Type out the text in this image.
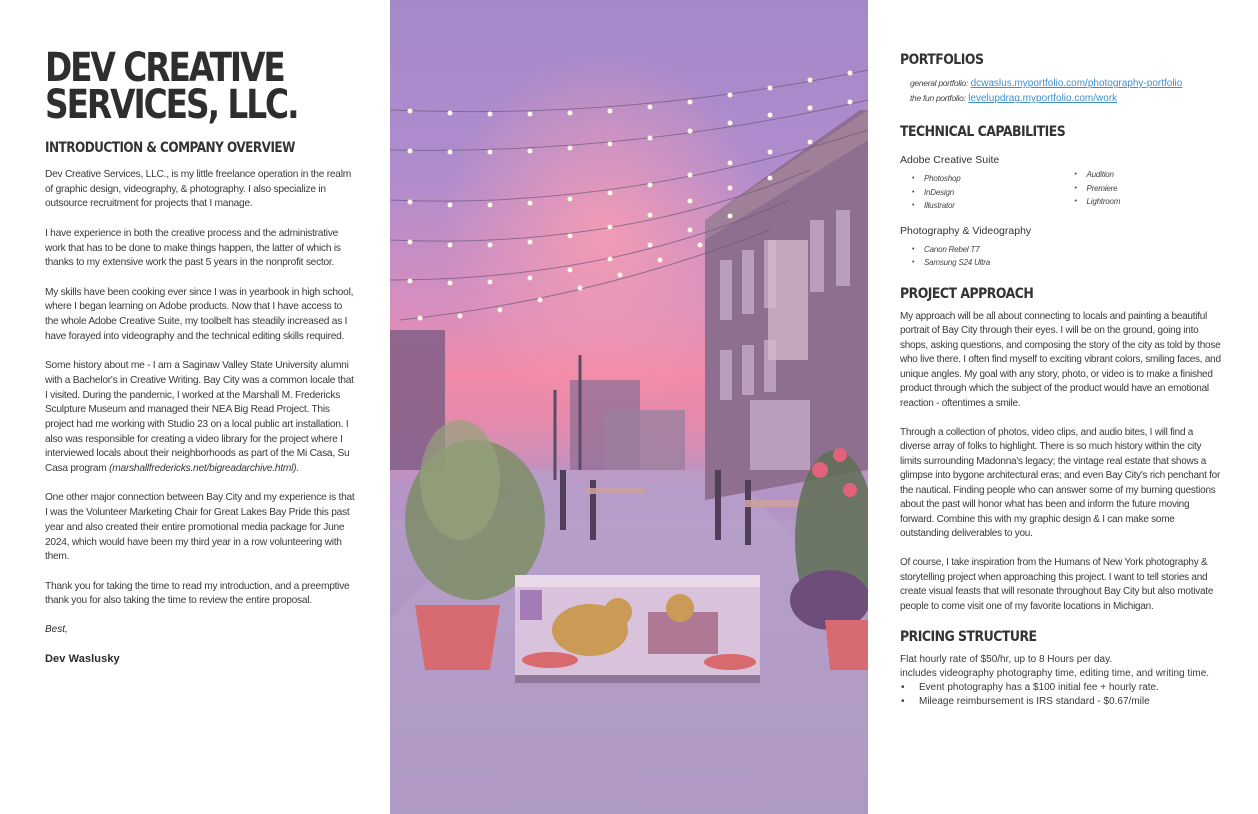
DEV CREATIVE
SERVICES, LLC.
INTRODUCTION & COMPANY OVERVIEW

Dev Creative Services, LLC., is my little freelance operation in the realm of graphic design, videography, & photography. I also specialize in outsource recruitment for projects that I manage.

I have experience in both the creative process and the administrative work that has to be done to make things happen, the latter of which is thanks to my extensive work the past 5 years in the nonprofit sector.

My skills have been cooking ever since I was in yearbook in high school, where I began learning on Adobe products. Now that I have access to the whole Adobe Creative Suite, my toolbelt has steadily increased as I have forayed into videography and the technical editing skills required.

Some history about me - I am a Saginaw Valley State University alumni with a Bachelor's in Creative Writing. Bay City was a common locale that I visited. During the pandemic, I worked at the Marshall M. Fredericks Sculpture Museum and managed their NEA Big Read Project. This project had me working with Studio 23 on a local public art installation. I also was responsible for creating a video library for the project where I interviewed locals about their neighborhoods as part of the Mi Casa, Su Casa program (marshallfredericks.net/bigreadarchive.html).

One other major connection between Bay City and my experience is that I was the Volunteer Marketing Chair for Great Lakes Bay Pride this past year and also created their entire promotional media package for June 2024, which would have been my third year in a row volunteering with them.

Thank you for taking the time to read my introduction, and a preemptive thank you for also taking the time to review the entire proposal.

Best,

Dev Waslusky

PORTFOLIOS
general portfolio: dcwaslus.myportfolio.com/photography-portfolio
the fun portfolio: levelupdrag.myportfolio.com/work
TECHNICAL CAPABILITIES
Adobe Creative Suite
• Photoshop
• InDesign
• Illustrator
• Audition
• Premiere
• Lightroom
Photography & Videography
• Canon Rebel T7
• Samsung S24 Ultra
PROJECT APPROACH

My approach will be all about connecting to locals and painting a beautiful portrait of Bay City through their eyes. I will be on the ground, going into shops, asking questions, and composing the story of the city as told by those who live there. I often find myself to exciting vibrant colors, smiling faces, and unique angles. My goal with any story, photo, or video is to make a finished product through which the subject of the product would have an emotional reaction - oftentimes a smile.

Through a collection of photos, video clips, and audio bites, I will find a diverse array of folks to highlight. There is so much history within the city limits surrounding Madonna's legacy; the vintage real estate that shows a glimpse into bygone architectural eras; and even Bay City's rich penchant for the nautical. Finding people who can answer some of my burning questions about the past will honor what has been and inform the future moving forward. Combine this with my graphic design & I can make some outstanding deliverables to you.

Of course, I take inspiration from the Humans of New York photography & storytelling project when approaching this project. I want to tell stories and create visual feasts that will resonate throughout Bay City but also motivate people to come visit one of my favorite locations in Michigan.

PRICING STRUCTURE
Flat hourly rate of $50/hr, up to 8 Hours per day.
includes videography photography time, editing time, and writing time.
• Event photography has a $100 initial fee + hourly rate.
• Mileage reimbursement is IRS standard - $0.67/mile
